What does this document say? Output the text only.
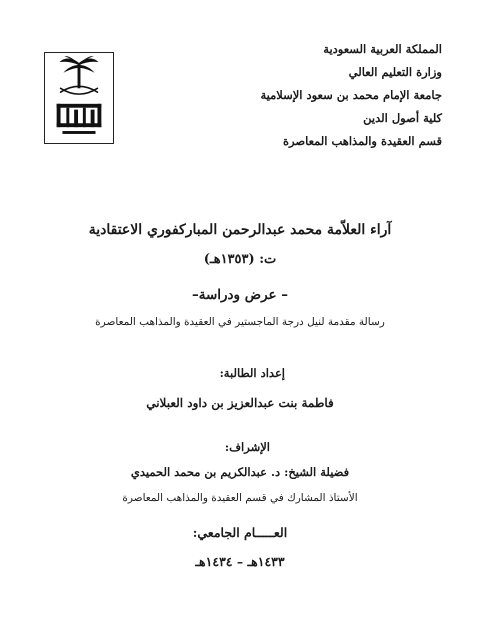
المملكة العربية السعودية
وزارة التعليم العالي
جامعة الإمام محمد بن سعود الإسلامية
كلية أصول الدين
قسم العقيدة والمذاهب المعاصرة
آراء العلاّمة محمد عبدالرحمن المباركفوري الاعتقادية
ت: (١٣٥٣هـ)
– عرض ودراسة–
رسالة مقدمة لنيل درجة الماجستير في العقيدة والمذاهب المعاصرة
إعداد الطالبة:
فاطمة بنت عبدالعزيز بن داود العبلاني
الإشراف:
فضيلة الشيخ: د. عبدالكريم بن محمد الحميدي
الأستاذ المشارك في قسم العقيدة والمذاهب المعاصرة
العـــــام الجامعي:
١٤٣٣هـ – ١٤٣٤هـ
